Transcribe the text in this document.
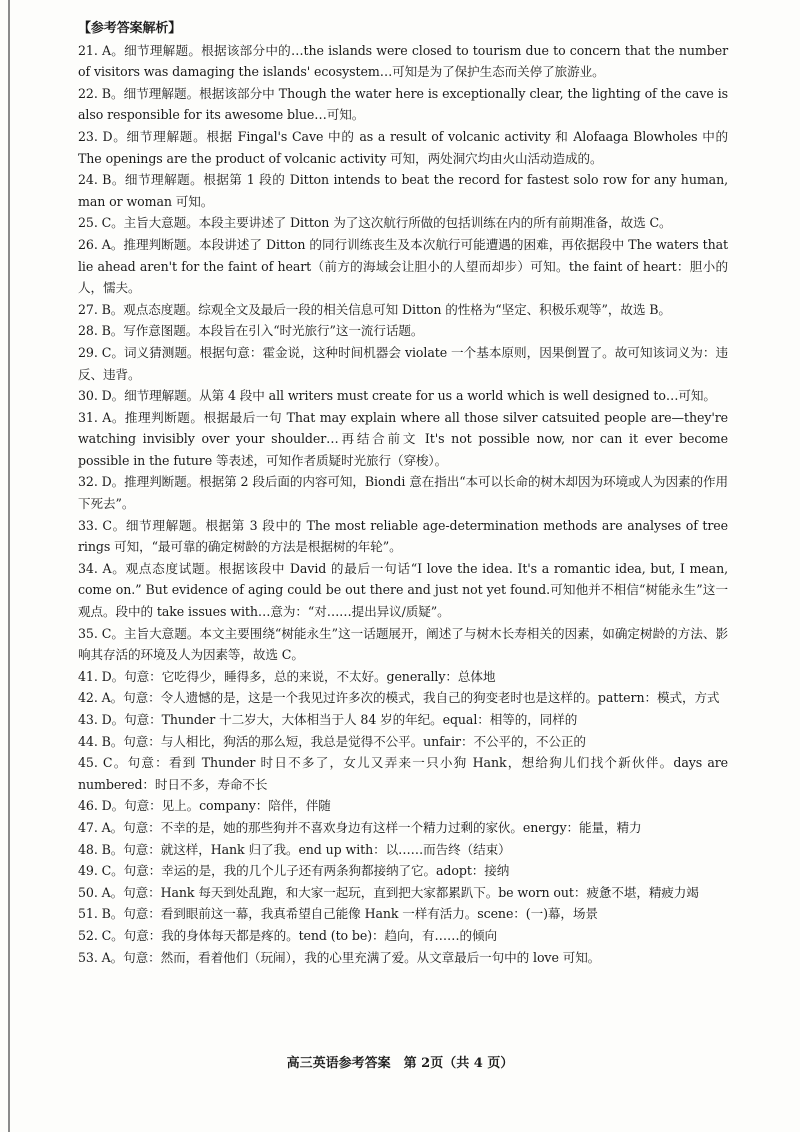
【参考答案解析】
21. A。细节理解题。根据该部分中的…the islands were closed to tourism due to concern that the number of visitors was damaging the islands' ecosystem…可知是为了保护生态而关停了旅游业。
22. B。细节理解题。根据该部分中 Though the water here is exceptionally clear, the lighting of the cave is also responsible for its awesome blue…可知。
23. D。细节理解题。根据 Fingal's Cave 中的 as a result of volcanic activity 和 Alofaaga Blowholes 中的 The openings are the product of volcanic activity 可知，两处洞穴均由火山活动造成的。
24. B。细节理解题。根据第 1 段的 Ditton intends to beat the record for fastest solo row for any human, man or woman 可知。
25. C。主旨大意题。本段主要讲述了 Ditton 为了这次航行所做的包括训练在内的所有前期准备，故选 C。
26. A。推理判断题。本段讲述了 Ditton 的同行训练丧生及本次航行可能遭遇的困难，再依据段中 The waters that lie ahead aren't for the faint of heart（前方的海域会让胆小的人望而却步）可知。the faint of heart：胆小的人，懦夫。
27. B。观点态度题。综观全文及最后一段的相关信息可知 Ditton 的性格为“坚定、积极乐观等”，故选 B。
28. B。写作意图题。本段旨在引入“时光旅行”这一流行话题。
29. C。词义猜测题。根据句意：霍金说，这种时间机器会 violate 一个基本原则，因果倒置了。故可知该词义为：违反、违背。
30. D。细节理解题。从第 4 段中 all writers must create for us a world which is well designed to…可知。
31. A。推理判断题。根据最后一句 That may explain where all those silver catsuited people are—they're watching invisibly over your shoulder…再结合前文 It's not possible now, nor can it ever become possible in the future 等表述，可知作者质疑时光旅行（穿梭）。
32. D。推理判断题。根据第 2 段后面的内容可知，Biondi 意在指出“本可以长命的树木却因为环境或人为因素的作用下死去”。
33. C。细节理解题。根据第 3 段中的 The most reliable age-determination methods are analyses of tree rings 可知，“最可靠的确定树龄的方法是根据树的年轮”。
34. A。观点态度试题。根据该段中 David 的最后一句话“I love the idea. It's a romantic idea, but, I mean, come on.” But evidence of aging could be out there and just not yet found.可知他并不相信“树能永生”这一观点。段中的 take issues with…意为：“对……提出异议/质疑”。
35. C。主旨大意题。本文主要围绕“树能永生”这一话题展开，阐述了与树木长寿相关的因素，如确定树龄的方法、影响其存活的环境及人为因素等，故选 C。
41. D。句意：它吃得少，睡得多，总的来说，不太好。generally：总体地
42. A。句意：令人遗憾的是，这是一个我见过许多次的模式，我自己的狗变老时也是这样的。pattern：模式，方式
43. D。句意：Thunder 十二岁大，大体相当于人 84 岁的年纪。equal：相等的，同样的
44. B。句意：与人相比，狗活的那么短，我总是觉得不公平。unfair：不公平的，不公正的
45. C。句意：看到 Thunder 时日不多了，女儿又弄来一只小狗 Hank，想给狗儿们找个新伙伴。days are numbered：时日不多，寿命不长
46. D。句意：见上。company：陪伴，伴随
47. A。句意：不幸的是，她的那些狗并不喜欢身边有这样一个精力过剩的家伙。energy：能量，精力
48. B。句意：就这样，Hank 归了我。end up with：以……而告终（结束）
49. C。句意：幸运的是，我的几个儿子还有两条狗都接纳了它。adopt：接纳
50. A。句意：Hank 每天到处乱跑，和大家一起玩，直到把大家都累趴下。be worn out：疲惫不堪，精疲力竭
51. B。句意：看到眼前这一幕，我真希望自己能像 Hank 一样有活力。scene：(一)幕，场景
52. C。句意：我的身体每天都是疼的。tend (to be)：趋向，有……的倾向
53. A。句意：然而，看着他们（玩闹），我的心里充满了爱。从文章最后一句中的 love 可知。
高三英语参考答案　第 2页（共 4 页）
